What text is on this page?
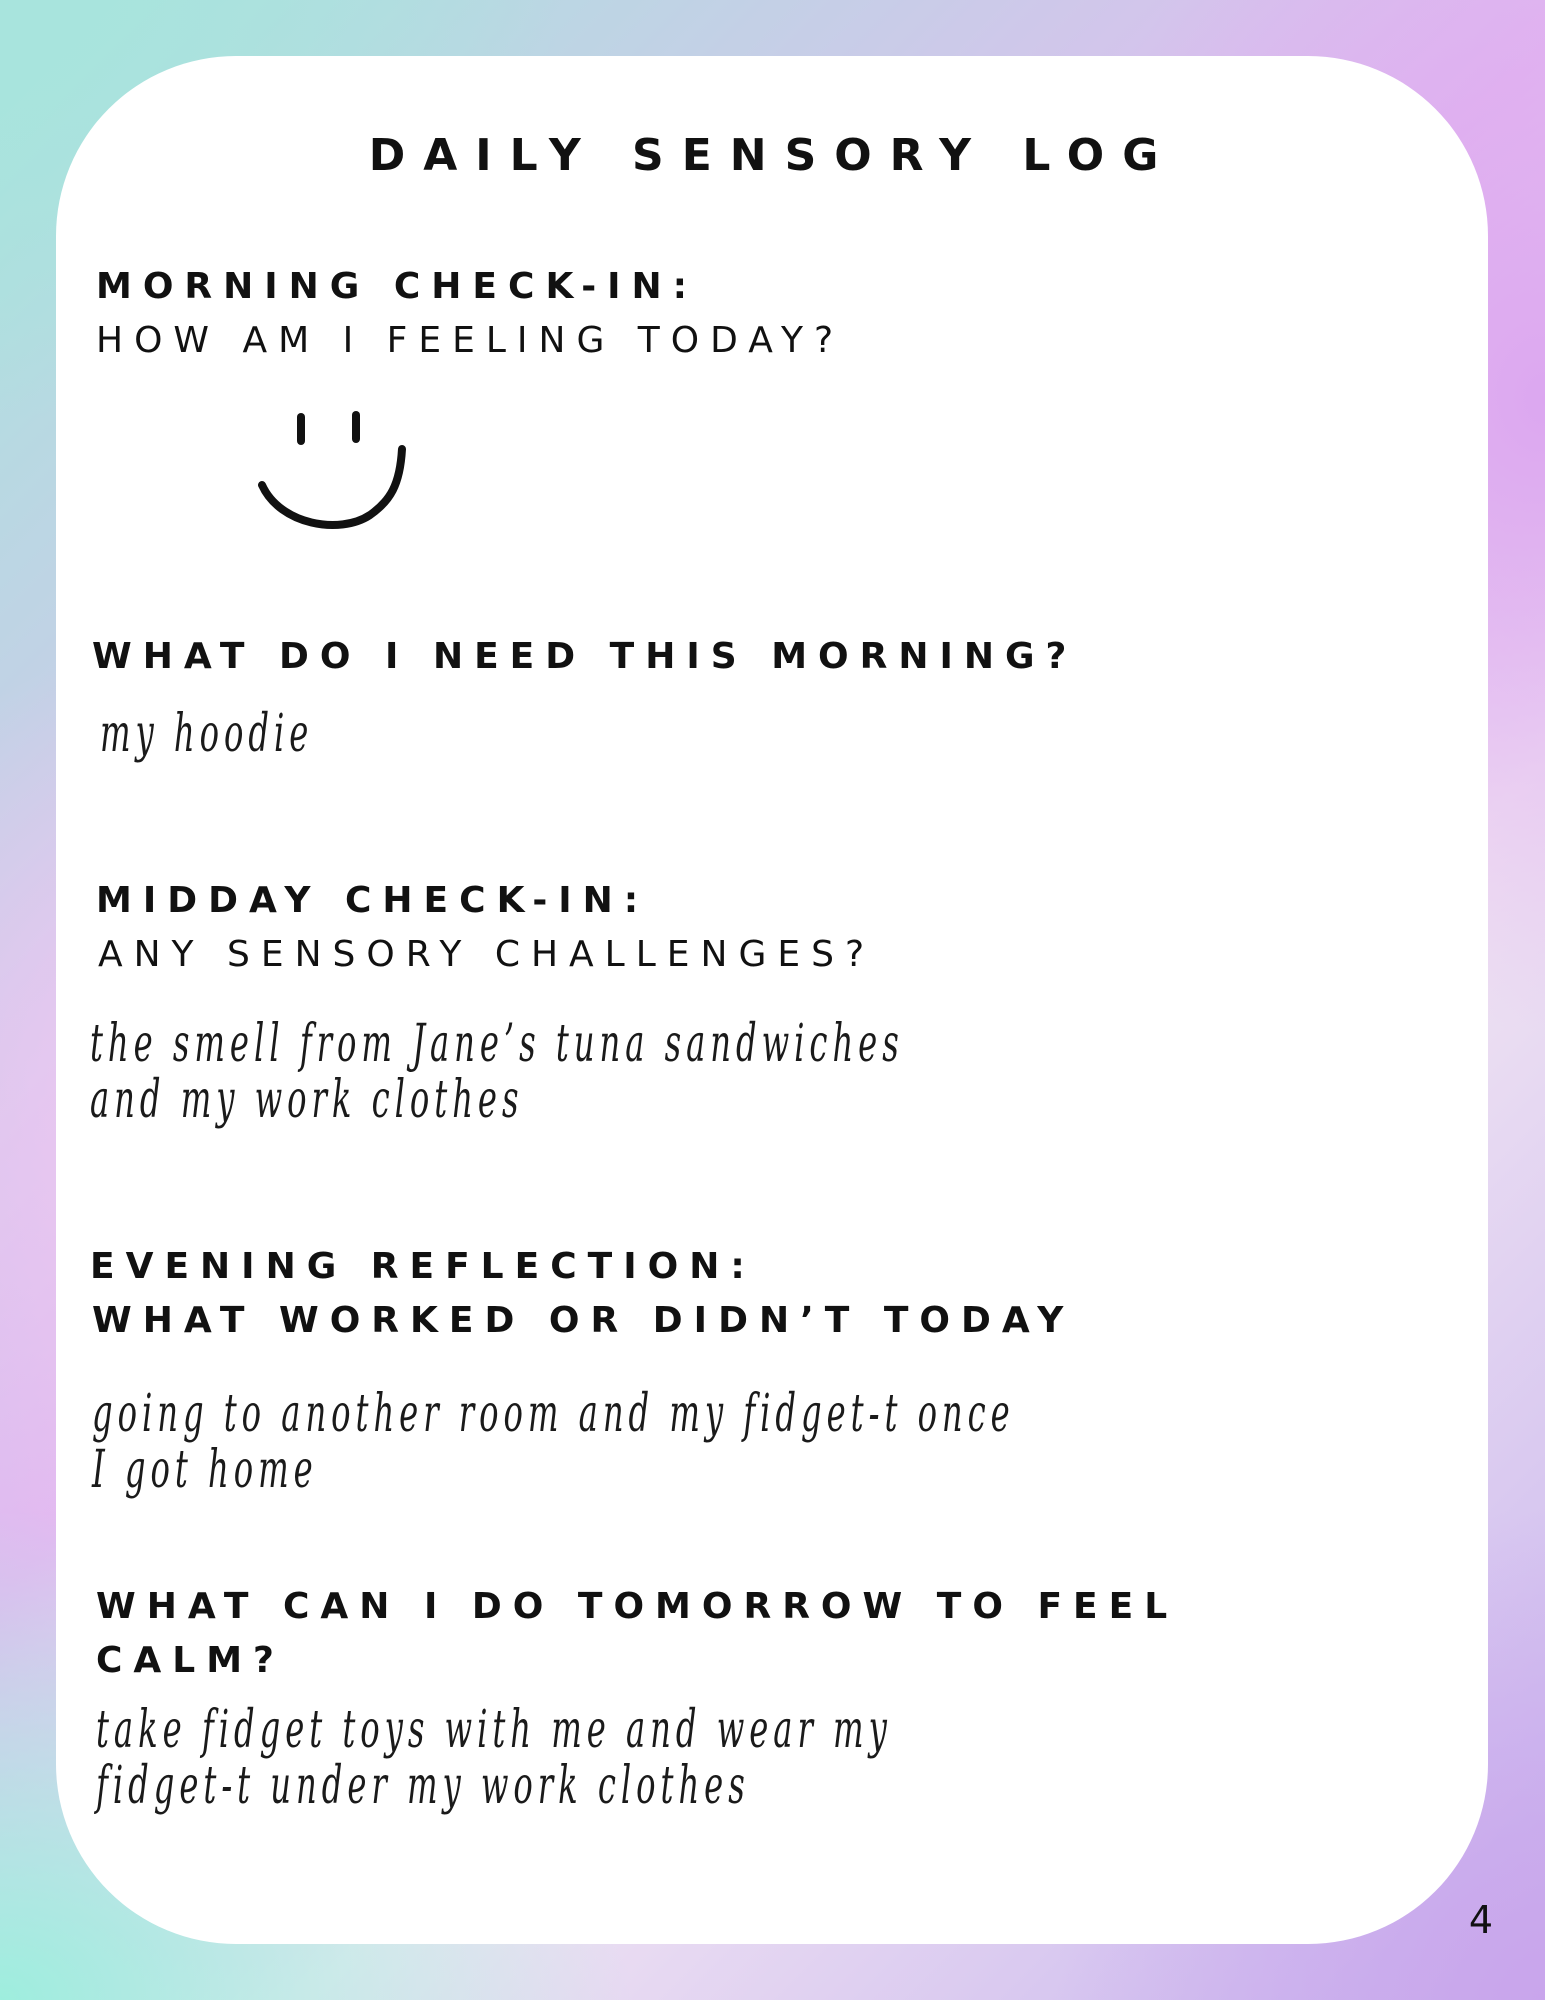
DAILY SENSORY LOG
MORNING CHECK-IN:
HOW AM I FEELING TODAY?
WHAT DO I NEED THIS MORNING?
my hoodie
MIDDAY CHECK-IN:
ANY SENSORY CHALLENGES?
the smell from Jane’s tuna sandwiches
and my work clothes
EVENING REFLECTION:
WHAT WORKED OR DIDN’T TODAY
going to another room and my fidget-t once
I got home
WHAT CAN I DO TOMORROW TO FEEL
CALM?
take fidget toys with me and wear my
fidget-t under my work clothes
4
